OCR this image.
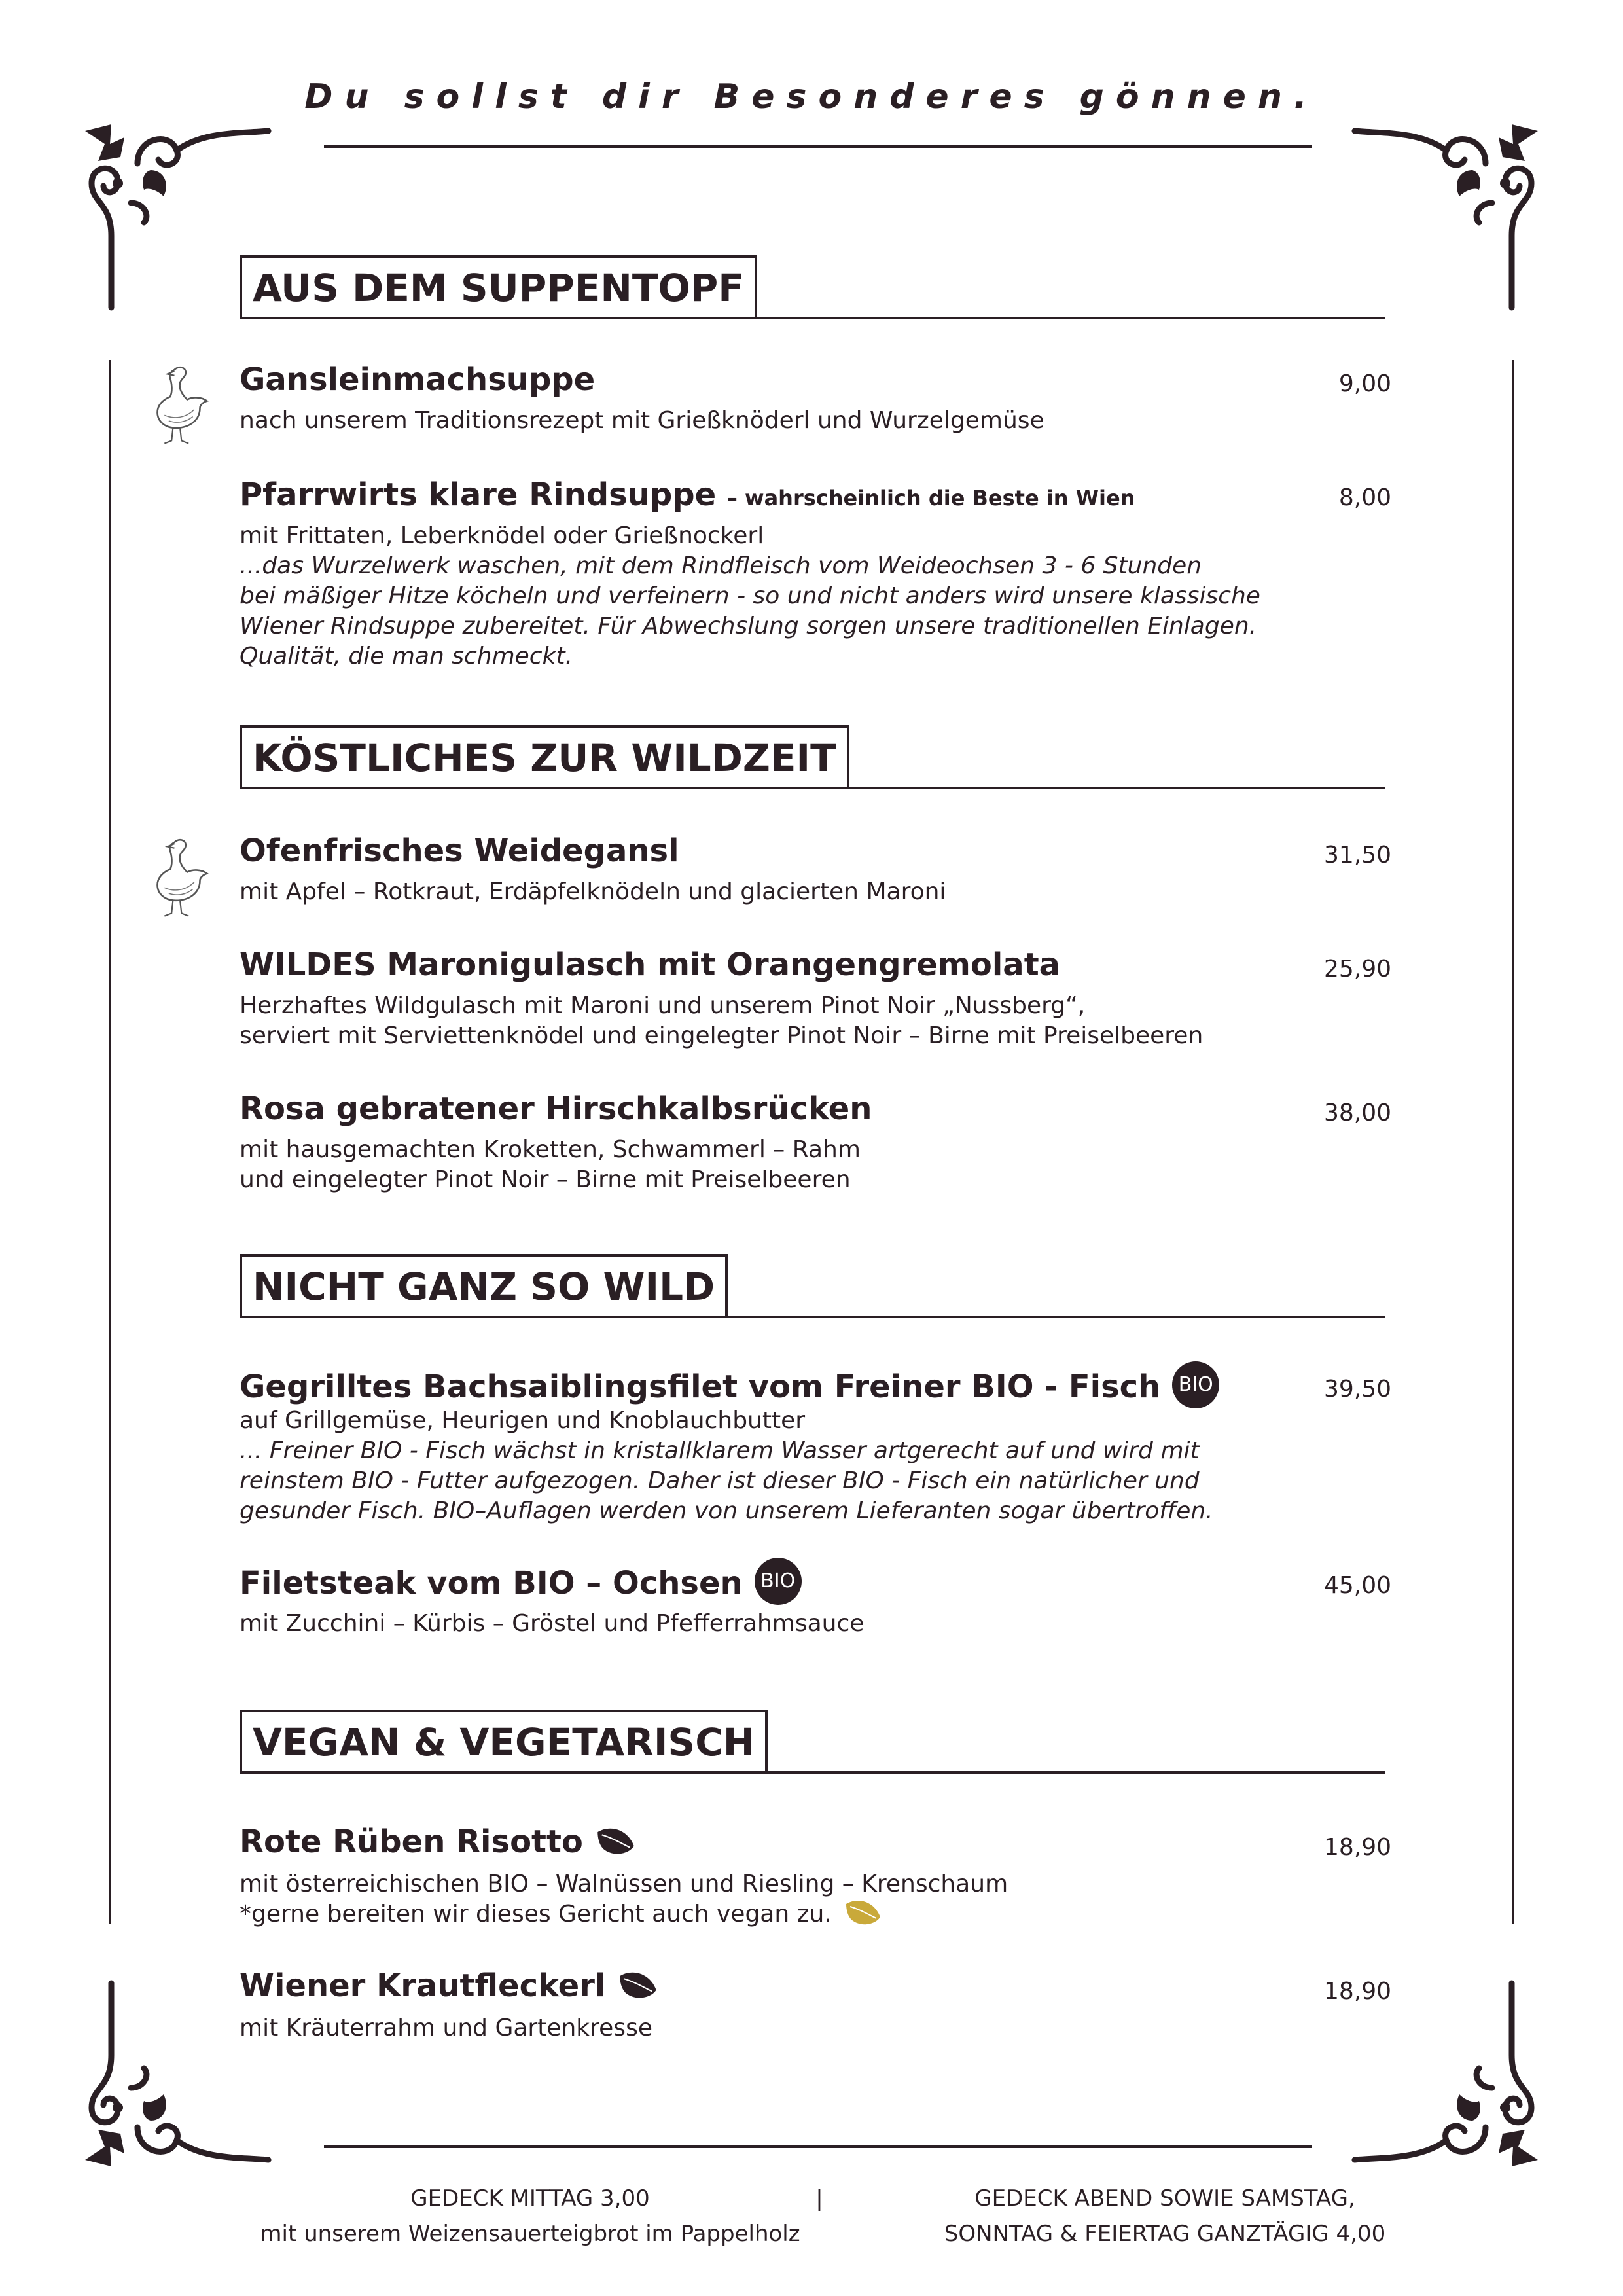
Du sollst dir Besonderes gönnen.
AUS DEM SUPPENTOPF
Gansleinmachsuppe	9,00
nach unserem Traditionsrezept mit Grießknöderl und Wurzelgemüse
Pfarrwirts klare Rindsuppe – wahrscheinlich die Beste in Wien	8,00
mit Frittaten, Leberknödel oder Grießnockerl
...das Wurzelwerk waschen, mit dem Rindfleisch vom Weideochsen 3 - 6 Stunden
bei mäßiger Hitze köcheln und verfeinern - so und nicht anders wird unsere klassische
Wiener Rindsuppe zubereitet. Für Abwechslung sorgen unsere traditionellen Einlagen.
Qualität, die man schmeckt.
KÖSTLICHES ZUR WILDZEIT
Ofenfrisches Weidegansl	31,50
mit Apfel – Rotkraut, Erdäpfelknödeln und glacierten Maroni
WILDES Maronigulasch mit Orangengremolata	25,90
Herzhaftes Wildgulasch mit Maroni und unserem Pinot Noir „Nussberg“,
serviert mit Serviettenknödel und eingelegter Pinot Noir – Birne mit Preiselbeeren
Rosa gebratener Hirschkalbsrücken	38,00
mit hausgemachten Kroketten, Schwammerl – Rahm
und eingelegter Pinot Noir – Birne mit Preiselbeeren
NICHT GANZ SO WILD
Gegrilltes Bachsaiblingsfilet vom Freiner BIO - Fisch BIO	39,50
auf Grillgemüse, Heurigen und Knoblauchbutter
... Freiner BIO - Fisch wächst in kristallklarem Wasser artgerecht auf und wird mit
reinstem BIO - Futter aufgezogen. Daher ist dieser BIO - Fisch ein natürlicher und
gesunder Fisch. BIO–Auflagen werden von unserem Lieferanten sogar übertroffen.
Filetsteak vom BIO – Ochsen BIO	45,00
mit Zucchini – Kürbis – Gröstel und Pfefferrahmsauce
VEGAN & VEGETARISCH
Rote Rüben Risotto	18,90
mit österreichischen BIO – Walnüssen und Riesling – Krenschaum
*gerne bereiten wir dieses Gericht auch vegan zu.
Wiener Krautfleckerl	18,90
mit Kräuterrahm und Gartenkresse
GEDECK MITTAG 3,00
mit unserem Weizensauerteigbrot im Pappelholz
|	GEDECK ABEND SOWIE SAMSTAG,
SONNTAG & FEIERTAG GANZTÄGIG 4,00
